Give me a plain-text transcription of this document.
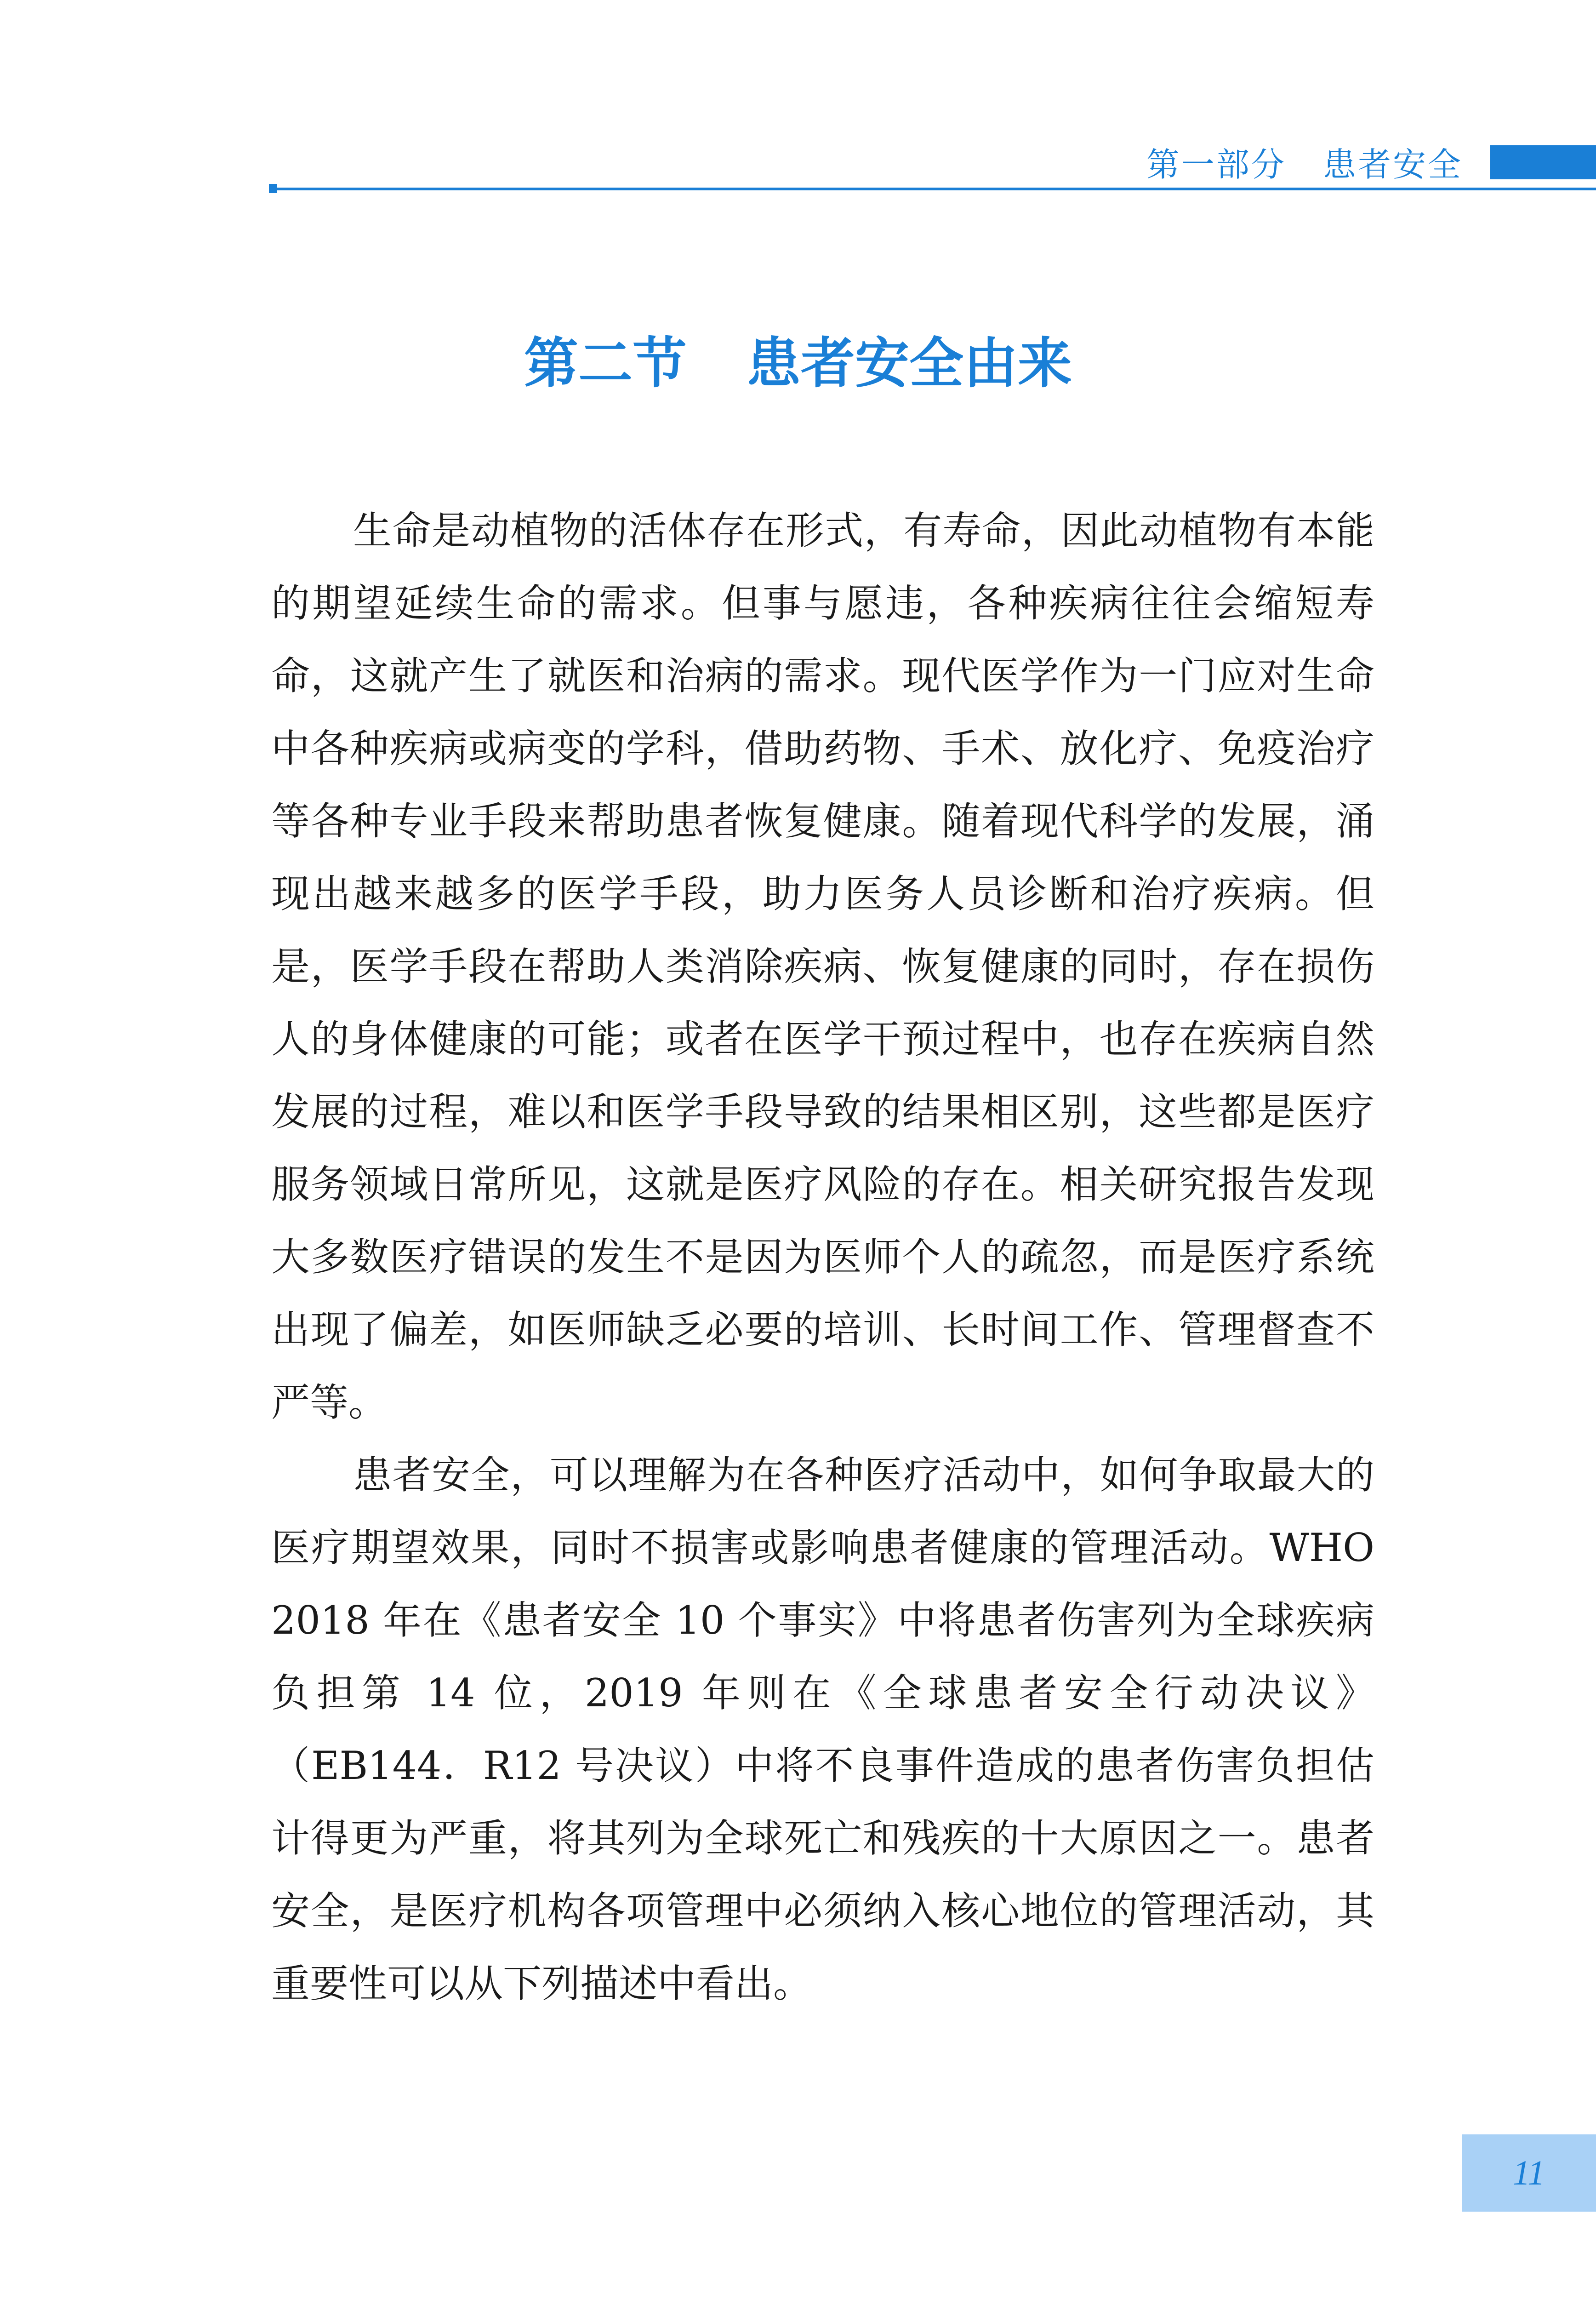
第一部分 患者安全
第二节 患者安全由来

生命是动植物的活体存在形式，有寿命，因此动植物有本能的期望延续生命的需求。但事与愿违，各种疾病往往会缩短寿命，这就产生了就医和治病的需求。现代医学作为一门应对生命中各种疾病或病变的学科，借助药物、手术、放化疗、免疫治疗等各种专业手段来帮助患者恢复健康。随着现代科学的发展，涌现出越来越多的医学手段，助力医务人员诊断和治疗疾病。但是，医学手段在帮助人类消除疾病、恢复健康的同时，存在损伤人的身体健康的可能；或者在医学干预过程中，也存在疾病自然发展的过程，难以和医学手段导致的结果相区别，这些都是医疗服务领域日常所见，这就是医疗风险的存在。相关研究报告发现大多数医疗错误的发生不是因为医师个人的疏忽，而是医疗系统出现了偏差，如医师缺乏必要的培训、长时间工作、管理督查不严等。

患者安全，可以理解为在各种医疗活动中，如何争取最大的医疗期望效果，同时不损害或影响患者健康的管理活动。WHO 2018 年在《患者安全 10 个事实》中将患者伤害列为全球疾病负担第 14 位，2019 年则在《全球患者安全行动决议》（EB144．R12 号决议）中将不良事件造成的患者伤害负担估计得更为严重，将其列为全球死亡和残疾的十大原因之一。患者安全，是医疗机构各项管理中必须纳入核心地位的管理活动，其重要性可以从下列描述中看出。

11
